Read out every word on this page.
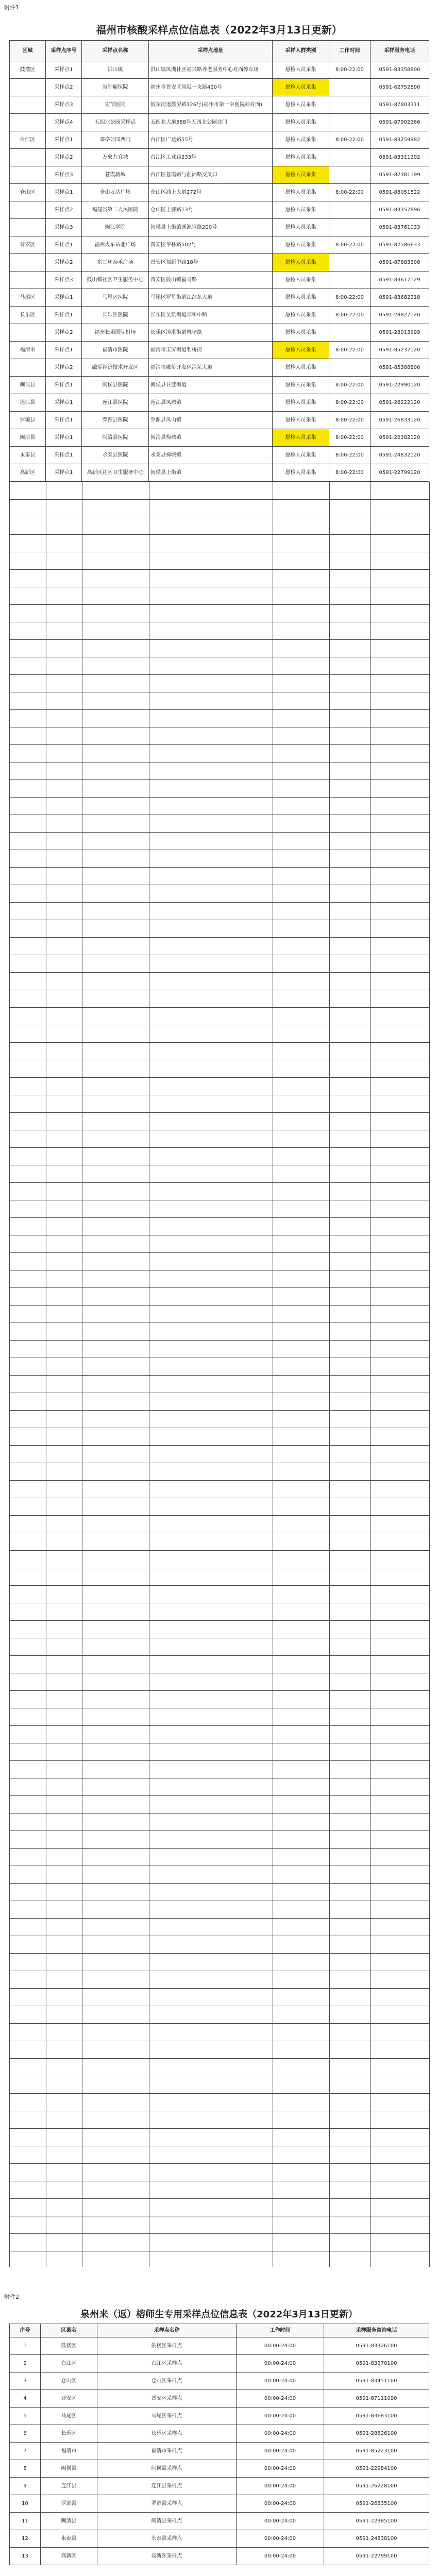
附件1
福州市核酸采样点位信息表（2022年3月13日更新）
区域	采样点序号	采样点名称	采样点地址	采样人群类别	工作时间	采样服务电话
鼓楼区	采样点1	洪山镇	洪山镇凤湖社区福兴路养老服务中心对面停车场	愿检人员采集	8:00-22:00	0591-83358800
	采样点2	省肿瘤医院	福州市晋安区凤坂一支路420号	愿检人员采集		0591-62752800
	采样点3	宏节医院	鼓东街道鼓屏路126号(福州市第一中医院斜对面)	愿检人员采集		0591-87803311
	采样点4	五四北公园采样点	五四北大道388号五四北公园北门	愿检人员采集		0591-87902366
台江区	采样点1	茶亭公园西门	台江区广达路55号	愿检人员采集	8:00-22:00	0591-83259982
	采样点2	万象九宜城	台江区工业路233号	愿检人员采集		0591-83311202
	采样点3	苍霞新城	台江区苍霞路与前洲路交叉口	愿检人员采集		0591-87381199
仓山区	采样点1	仓山万达广场	仓山区浦上大道272号	愿检人员采集	8:00-22:00	0591-88051822
	采样点2	福建省第二人民医院	仓山区上藤路13号	愿检人员采集		0591-83357896
	采样点3	闽江学院	闽侯县上街镇溪源宫路200号	愿检人员采集		0591-83761033
晋安区	采样点1	福州火车站北广场	晋安区华林路502号	愿检人员采集	8:00-22:00	0591-87586633
	采样点2	东二环泰禾广场	晋安区福新中路18号	愿检人员采集		0591-87883308
	采样点3	鼓山镇社区卫生服务中心	晋安区鼓山镇福马路	愿检人员采集		0591-83617129
马尾区	采样点1	马尾区医院	马尾区罗星街道江滨东大道	愿检人员采集	8:00-22:00	0591-83682218
长乐区	采样点1	长乐区医院	长乐区吴航街道郑和中路	愿检人员采集	8:00-22:00	0591-28827120
	采样点2	福州长乐国际机场	长乐区漳港街道机场路	愿检人员采集		0591-28013999
福清市	采样点1	福清市医院	福清市玉屏街道利桥街	愿检人员采集	8:00-22:00	0591-85237120
	采样点2	融侨经济技术开发区	福清市融侨开发区清荣大道	愿检人员采集		0591-85388800
闽侯县	采样点1	闽侯县医院	闽侯县甘蔗街道	愿检人员采集	8:00-22:00	0591-22990120
连江县	采样点1	连江县医院	连江县凤城镇	愿检人员采集	8:00-22:00	0591-26222120
罗源县	采样点1	罗源县医院	罗源县凤山镇	愿检人员采集	8:00-22:00	0591-26833120
闽清县	采样点1	闽清县医院	闽清县梅城镇	愿检人员采集	8:00-22:00	0591-22382120
永泰县	采样点1	永泰县医院	永泰县樟城镇	愿检人员采集	8:00-22:00	0591-24832120
高新区	采样点1	高新区社区卫生服务中心	闽侯县上街镇	愿检人员采集	8:00-22:00	0591-22799120
附件2
泉州来（返）榕师生专用采样点位信息表（2022年3月13日更新）
序号	区县名	采样点名称	工作时间	采样服务咨询电话
1	鼓楼区	鼓楼区采样点	00:00-24:00	0591-83326100
2	台江区	台江区采样点	00:00-24:00	0591-83270100
3	仓山区	仓山区采样点	00:00-24:00	0591-83451100
4	晋安区	晋安区采样点	00:00-24:00	0591-87111090
5	马尾区	马尾区采样点	00:00-24:00	0591-83683100
6	长乐区	长乐区采样点	00:00-24:00	0591-28826100
7	福清市	福清市采样点	00:00-24:00	0591-85223100
8	闽侯县	闽侯县采样点	00:00-24:00	0591-22984100
9	连江县	连江县采样点	00:00-24:00	0591-26228100
10	罗源县	罗源县采样点	00:00-24:00	0591-26835100
11	闽清县	闽清县采样点	00:00-24:00	0591-22385100
12	永泰县	永泰县采样点	00:00-24:00	0591-24838100
13	高新区	高新区采样点	00:00-24:00	0591-22799100
